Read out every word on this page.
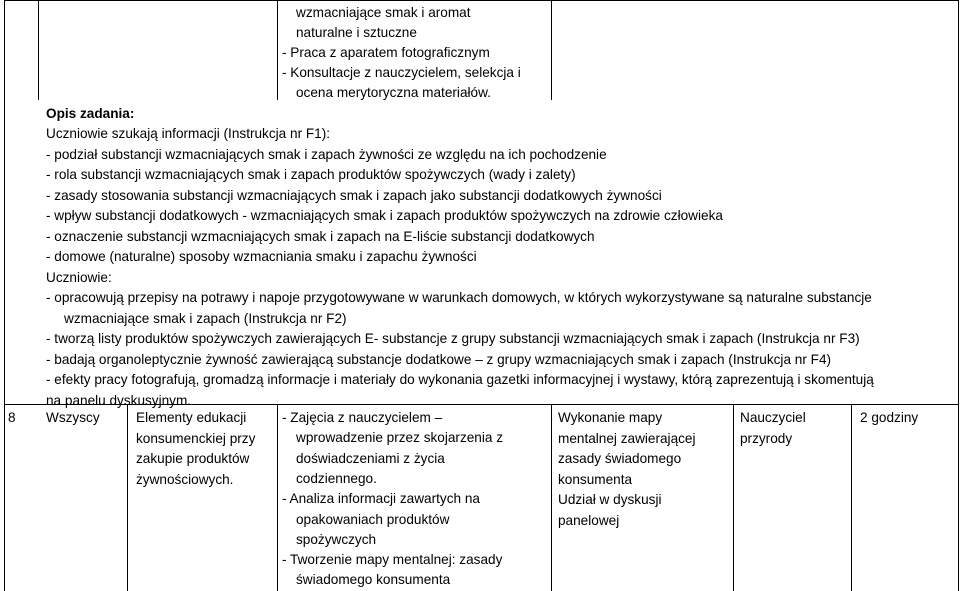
wzmacniające smak i aromat
naturalne i sztuczne
- Praca z aparatem fotograficznym
- Konsultacje z nauczycielem, selekcja i
ocena merytoryczna materiałów.
Opis zadania:
Uczniowie szukają informacji (Instrukcja nr F1):
- podział substancji wzmacniających smak i zapach żywności ze względu na ich pochodzenie
- rola substancji wzmacniających smak i zapach produktów spożywczych (wady i zalety)
- zasady stosowania substancji wzmacniających smak i zapach jako substancji dodatkowych żywności
- wpływ substancji dodatkowych - wzmacniających smak i zapach produktów spożywczych na zdrowie człowieka
- oznaczenie substancji wzmacniających smak i zapach na E-liście substancji dodatkowych
- domowe (naturalne) sposoby wzmacniania smaku i zapachu żywności
Uczniowie:
- opracowują przepisy na potrawy i napoje przygotowywane w warunkach domowych, w których wykorzystywane są naturalne substancje
wzmacniające smak i zapach (Instrukcja nr F2)
- tworzą listy produktów spożywczych zawierających E- substancje z grupy substancji wzmacniających smak i zapach (Instrukcja nr F3)
- badają organoleptycznie żywność zawierającą substancje dodatkowe – z grupy wzmacniających smak i zapach (Instrukcja nr F4)
- efekty pracy fotografują, gromadzą informacje i materiały do wykonania gazetki informacyjnej i wystawy, którą zaprezentują i skomentują
na panelu dyskusyjnym.
8 Wszyscy	Elementy edukacji
konsumenckiej przy
zakupie produktów
żywnościowych.
- Zajęcia z nauczycielem –
wprowadzenie przez skojarzenia z
doświadczeniami z życia
codziennego.
- Analiza informacji zawartych na
opakowaniach produktów
spożywczych
- Tworzenie mapy mentalnej: zasady
świadomego konsumenta
Wykonanie mapy
mentalnej zawierającej
zasady świadomego
konsumenta
Udział w dyskusji
panelowej
Nauczyciel
przyrody
2 godziny
